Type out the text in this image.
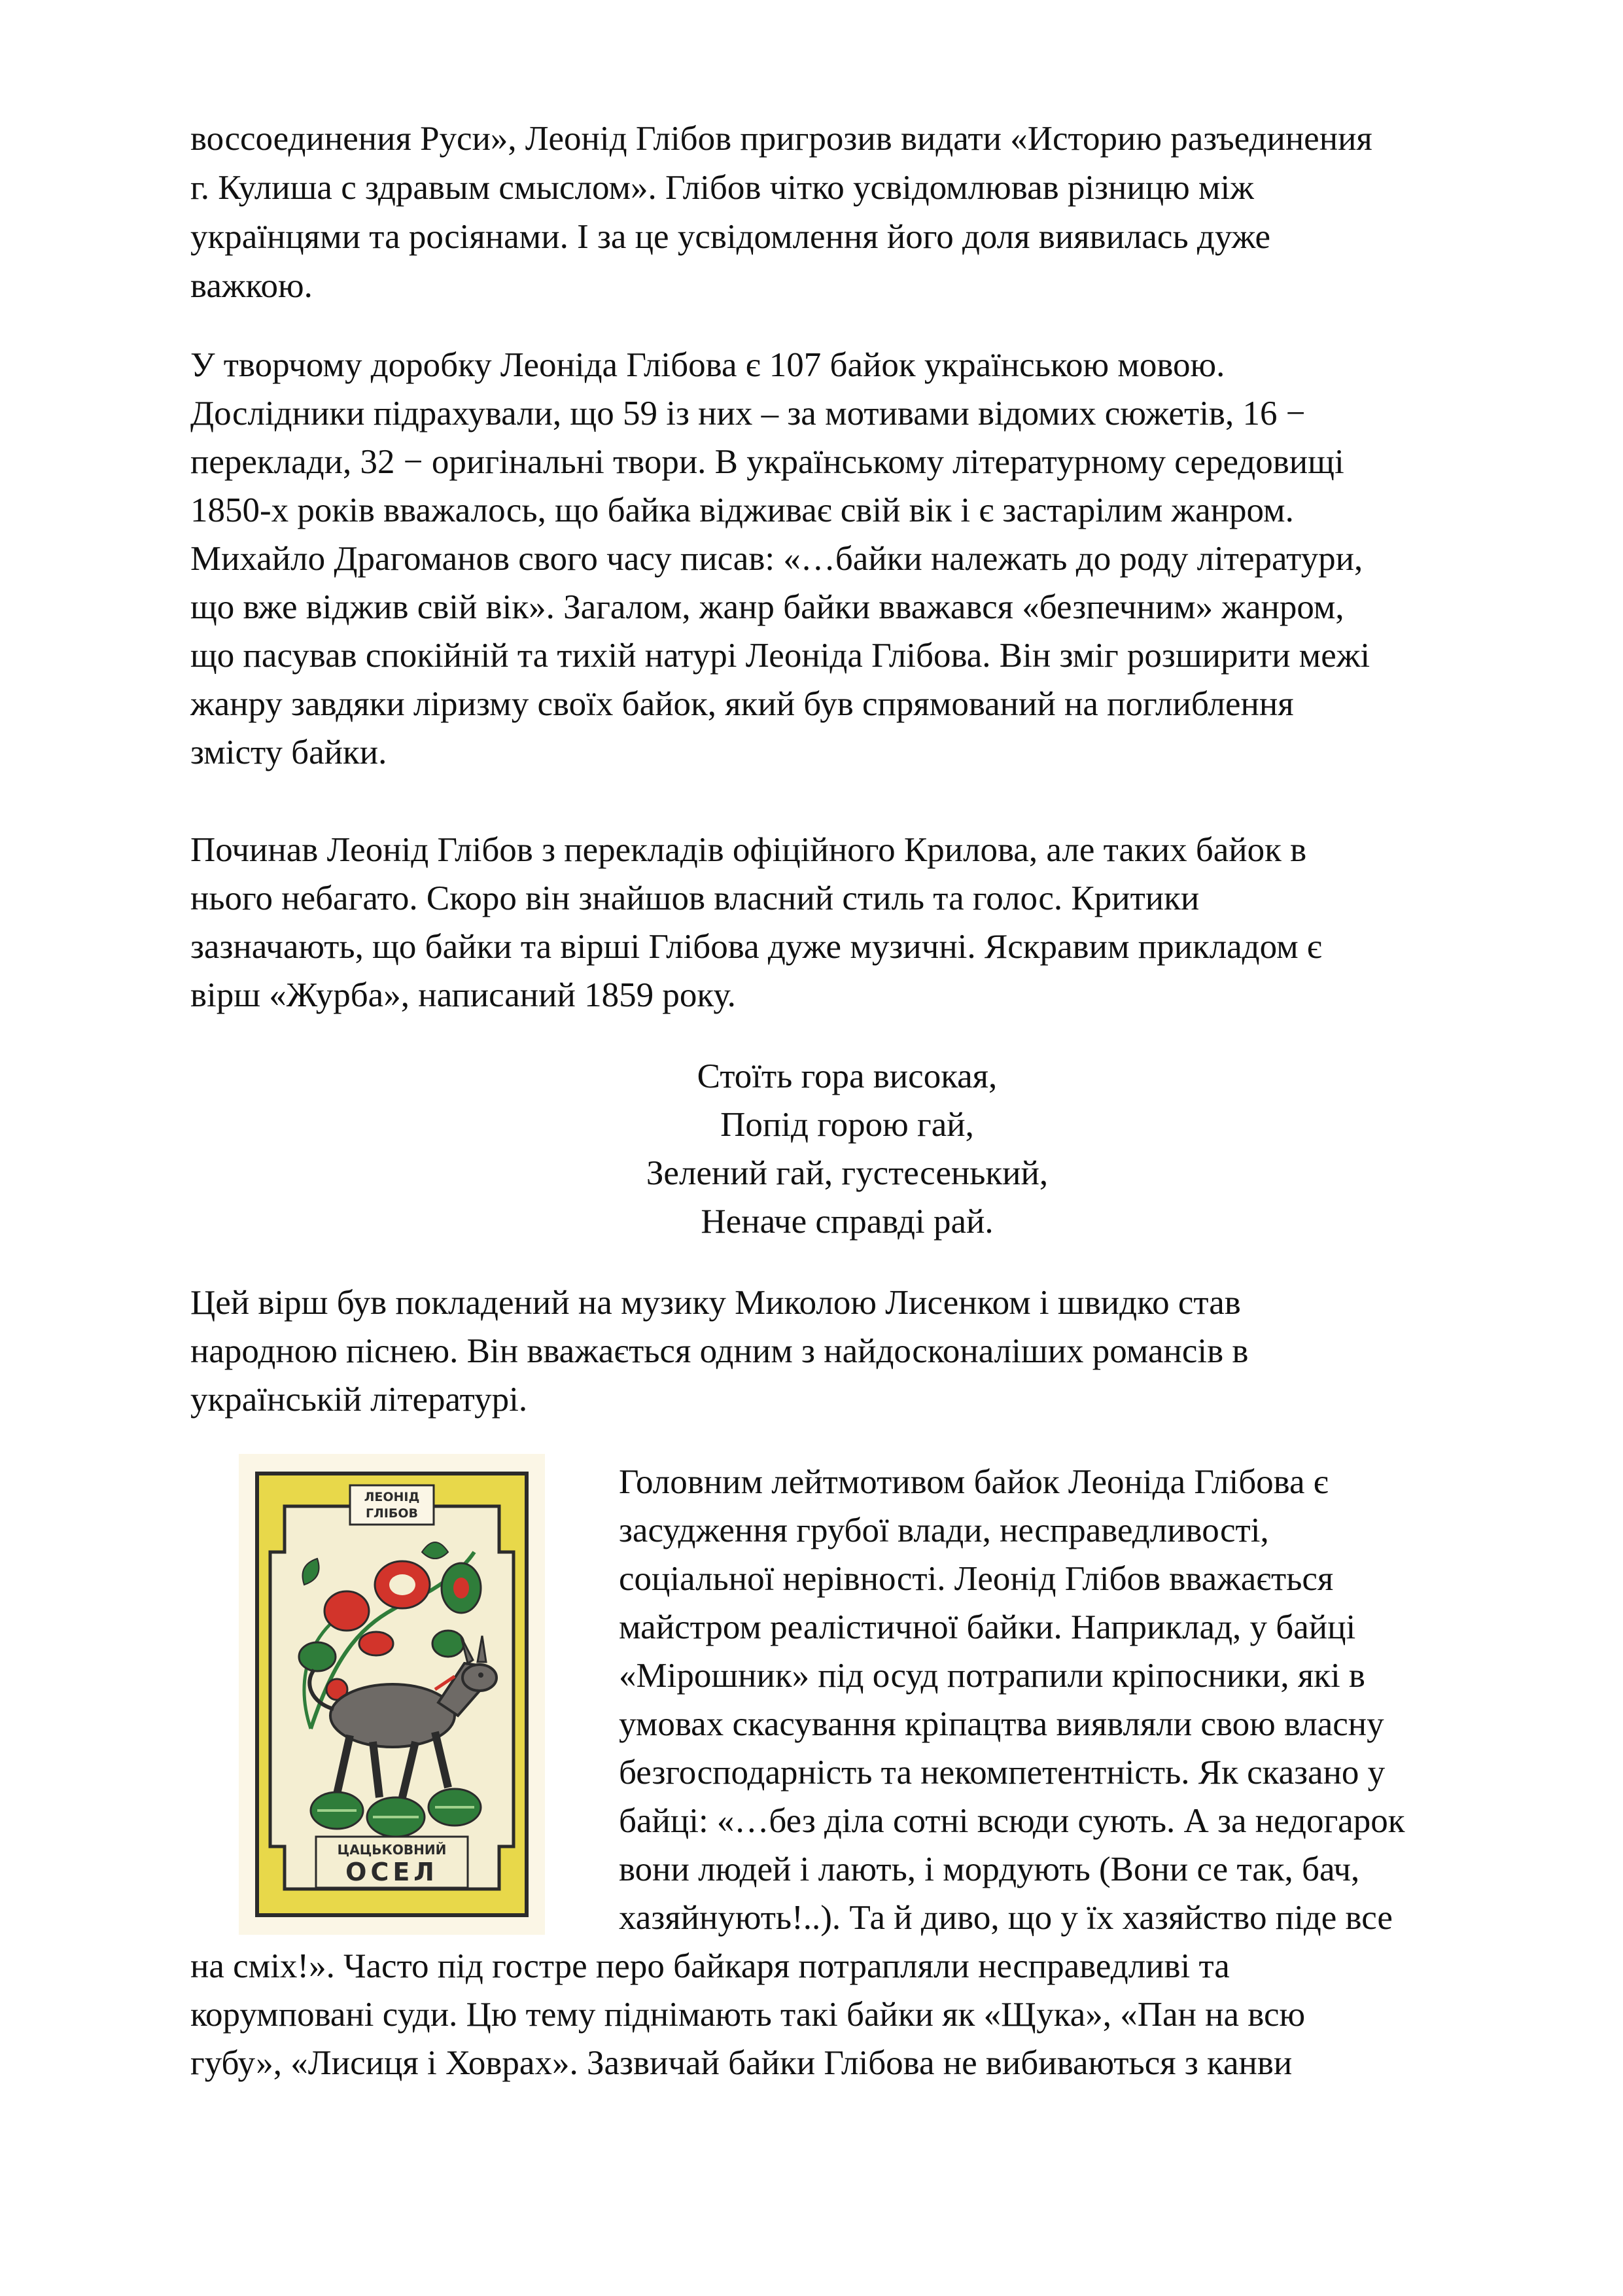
воссоединения Руси», Леонід Глібов пригрозив видати «Историю разъединения
г. Кулиша с здравым смыслом». Глібов чітко усвідомлював різницю між
українцями та росіянами. І за це усвідомлення його доля виявилась дуже
важкою.
У творчому доробку Леоніда Глібова є 107 байок українською мовою.
Дослідники підрахували, що 59 із них – за мотивами відомих сюжетів, 16 −
переклади, 32 − оригінальні твори. В українському літературному середовищі
1850-х років вважалось, що байка відживає свій вік і є застарілим жанром.
Михайло Драгоманов свого часу писав: «…байки належать до роду літератури,
що вже віджив свій вік». Загалом, жанр байки вважався «безпечним» жанром,
що пасував спокійній та тихій натурі Леоніда Глібова. Він зміг розширити межі
жанру завдяки ліризму своїх байок, який був спрямований на поглиблення
змісту байки.
Починав Леонід Глібов з перекладів офіційного Крилова, але таких байок в
нього небагато. Скоро він знайшов власний стиль та голос. Критики
зазначають, що байки та вірші Глібова дуже музичні. Яскравим прикладом є
вірш «Журба», написаний 1859 року.
Стоїть гора високая,
Попід горою гай,
Зелений гай, густесенький,
Неначе справді рай.
Цей вірш був покладений на музику Миколою Лисенком і швидко став
народною піснею. Він вважається одним з найдосконаліших романсів в
українській літературі.
ЛЕОНІД
ГЛІБОВ
ЦАЦЬКОВНИЙ
ОСЕЛ
Головним лейтмотивом байок Леоніда Глібова є
засудження грубої влади, несправедливості,
соціальної нерівності. Леонід Глібов вважається
майстром реалістичної байки. Наприклад, у байці
«Мірошник» під осуд потрапили кріпосники, які в
умовах скасування кріпацтва виявляли свою власну
безгосподарність та некомпетентність. Як сказано у
байці: «…без діла сотні всюди сують. А за недогарок
вони людей і лають, і мордують (Вони се так, бач,
хазяйнують!..). Та й диво, що у їх хазяйство піде все
на сміх!». Часто під гостре перо байкаря потрапляли несправедливі та
корумповані суди. Цю тему піднімають такі байки як «Щука», «Пан на всю
губу», «Лисиця і Ховрах». Зазвичай байки Глібова не вибиваються з канви
